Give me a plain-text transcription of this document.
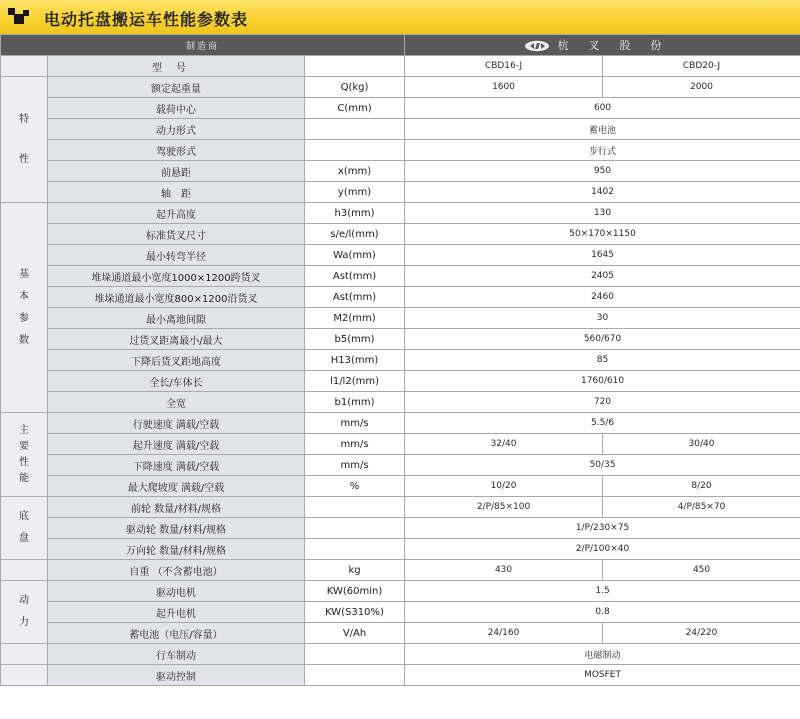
电动托盘搬运车性能参数表
制造商			杭叉股份	
	型号		CBD16-J	CBD20-J

特
性	额定起重量	Q(kg)	1600	2000
	载荷中心	C(mm)	600	
	动力形式		蓄电池	
	驾驶形式		步行式	
	前悬距	x(mm)	950	
	轴　距	y(mm)	1402	

基
本
参
数	起升高度	h3(mm)	130	
	标准货叉尺寸	s/e/l(mm)	50×170×1150	
	最小转弯半径	Wa(mm)	1645	
	堆垛通道最小宽度1000×1200跨货叉	Ast(mm)	2405	
	堆垛通道最小宽度800×1200沿货叉	Ast(mm)	2460	
	最小离地间隙	M2(mm)	30	
	过货叉距离最小/最大	b5(mm)	560/670	
	下降后货叉距地高度	H13(mm)	85	
	全长/车体长	l1/l2(mm)	1760/610	
	全宽	b1(mm)	720	

主
要
性
能	行驶速度 满载/空载	mm/s	5.5/6	
	起升速度 满载/空载	mm/s	32/40	30/40
	下降速度 满载/空载	mm/s	50/35	
	最大爬坡度 满载/空载	%	10/20	8/20

底
盘	前轮 数量/材料/规格		2/P/85×100	4/P/85×70
	驱动轮 数量/材料/规格		1/P/230×75	
	万向轮 数量/材料/规格		2/P/100×40	
	自重 （不含蓄电池）	kg	430	450

动
力	驱动电机	KW(60min)	1.5	
	起升电机	KW(S310%)	0.8	
	蓄电池（电压/容量）	V/Ah	24/160	24/220
	行车制动		电磁制动	
	驱动控制		MOSFET	
